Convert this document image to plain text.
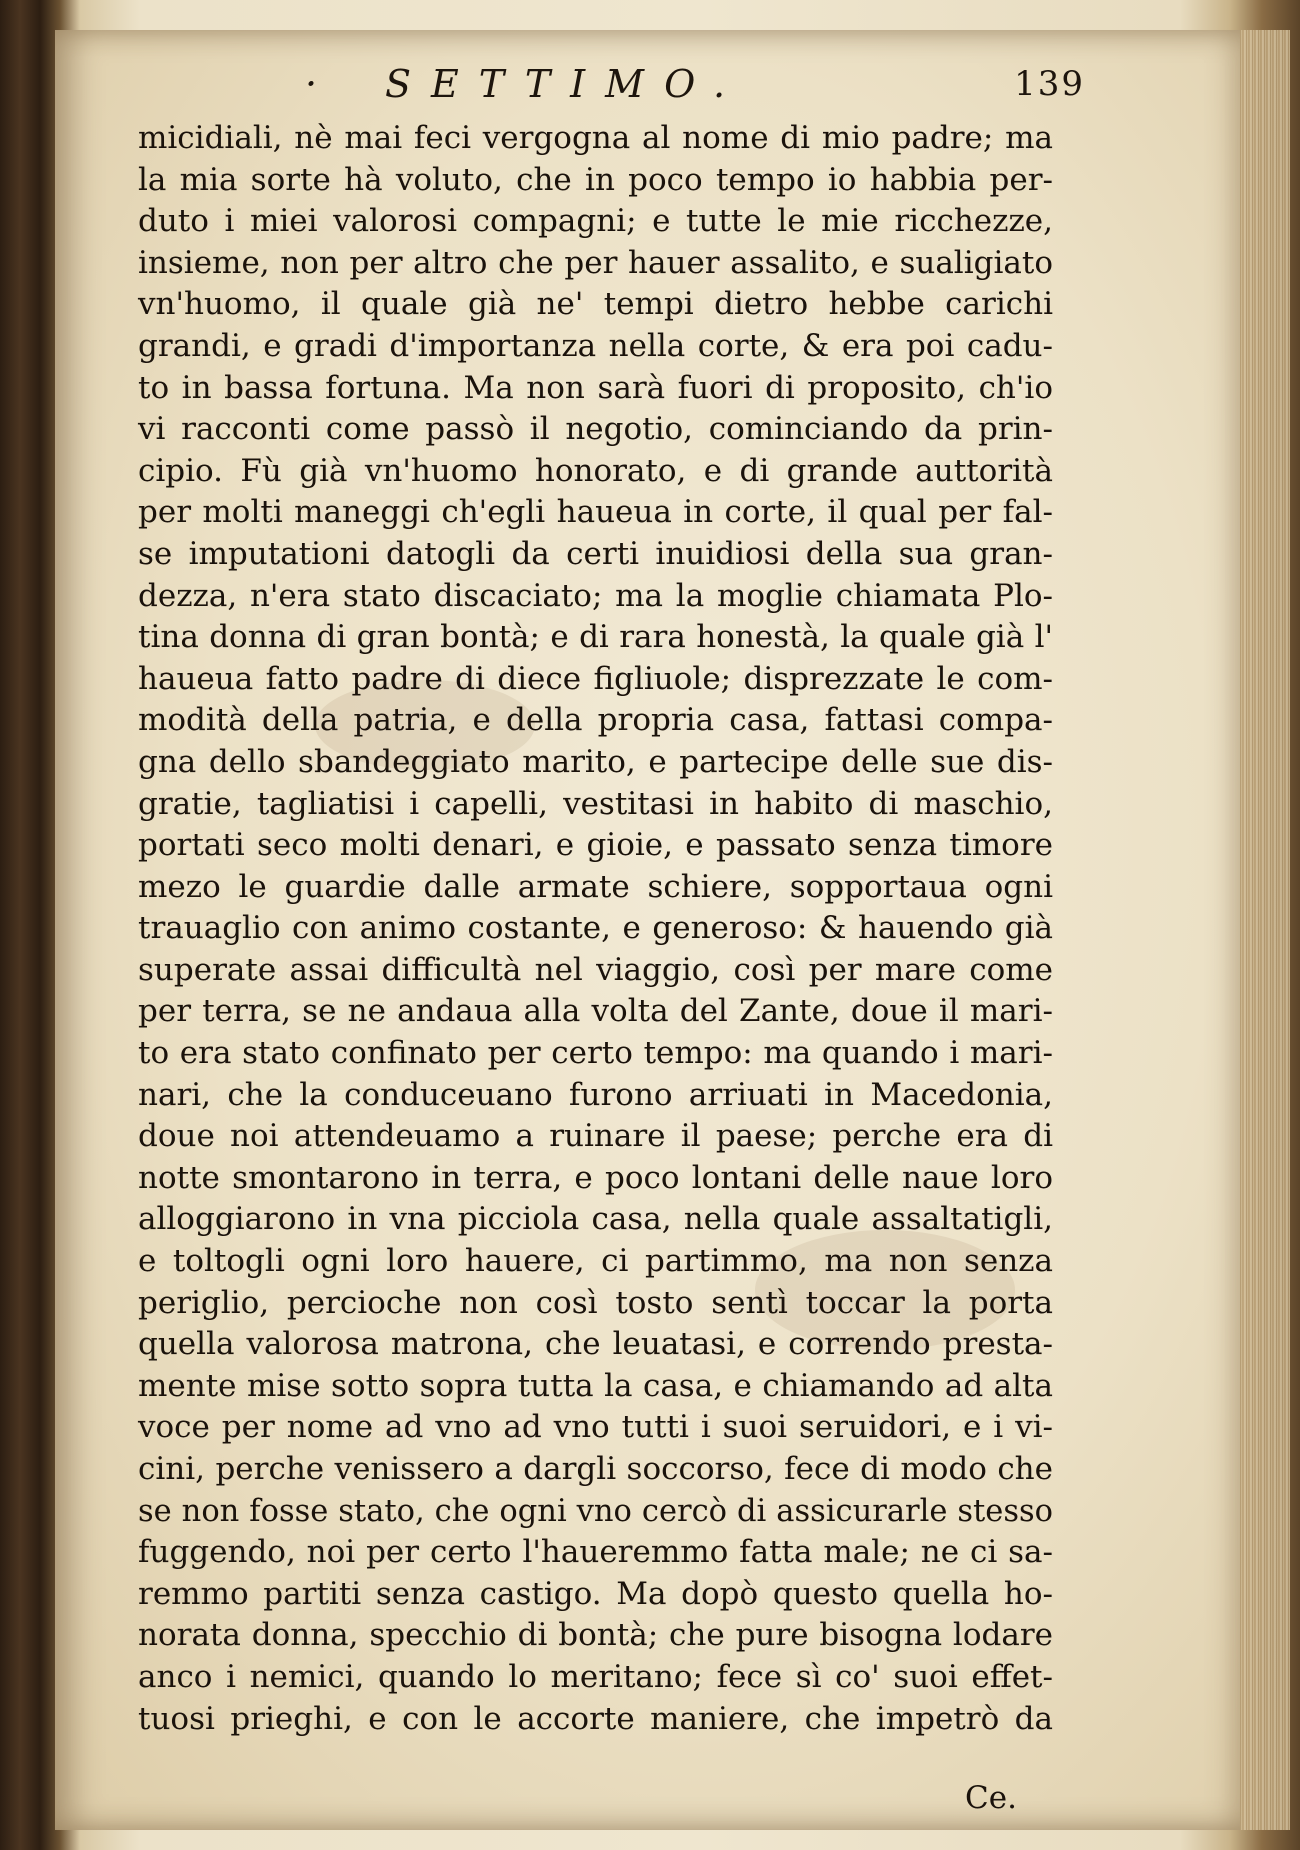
· SETTIMO.	139
micidiali, nè mai feci vergogna al nome di mio padre; ma
la mia sorte hà voluto, che in poco tempo io habbia per-
duto i miei valorosi compagni; e tutte le mie ricchezze,
insieme, non per altro che per hauer assalito, e sualigiato
vn'huomo, il quale già ne' tempi dietro hebbe carichi
grandi, e gradi d'importanza nella corte, & era poi cadu-
to in bassa fortuna. Ma non sarà fuori di proposito, ch'io
vi racconti come passò il negotio, cominciando da prin-
cipio. Fù già vn'huomo honorato, e di grande auttorità
per molti maneggi ch'egli haueua in corte, il qual per fal-
se imputationi datogli da certi inuidiosi della sua gran-
dezza, n'era stato discaciato; ma la moglie chiamata Plo-
tina donna di gran bontà; e di rara honestà, la quale già l'
haueua fatto padre di diece figliuole; disprezzate le com-
modità della patria, e della propria casa, fattasi compa-
gna dello sbandeggiato marito, e partecipe delle sue dis-
gratie, tagliatisi i capelli, vestitasi in habito di maschio,
portati seco molti denari, e gioie, e passato senza timore
mezo le guardie dalle armate schiere, sopportaua ogni
trauaglio con animo costante, e generoso: & hauendo già
superate assai difficultà nel viaggio, così per mare come
per terra, se ne andaua alla volta del Zante, doue il mari-
to era stato confinato per certo tempo: ma quando i mari-
nari, che la conduceuano furono arriuati in Macedonia,
doue noi attendeuamo a ruinare il paese; perche era di
notte smontarono in terra, e poco lontani delle naue loro
alloggiarono in vna picciola casa, nella quale assaltatigli,
e toltogli ogni loro hauere, ci partimmo, ma non senza
periglio, percioche non così tosto sentì toccar la porta
quella valorosa matrona, che leuatasi, e correndo presta-
mente mise sotto sopra tutta la casa, e chiamando ad alta
voce per nome ad vno ad vno tutti i suoi seruidori, e i vi-
cini, perche venissero a dargli soccorso, fece di modo che
se non fosse stato, che ogni vno cercò di assicurarle stesso
fuggendo, noi per certo l'haueremmo fatta male; ne ci sa-
remmo partiti senza castigo. Ma dopò questo quella ho-
norata donna, specchio di bontà; che pure bisogna lodare
anco i nemici, quando lo meritano; fece sì co' suoi effet-
tuosi prieghi, e con le accorte maniere, che impetrò da
Ce.
